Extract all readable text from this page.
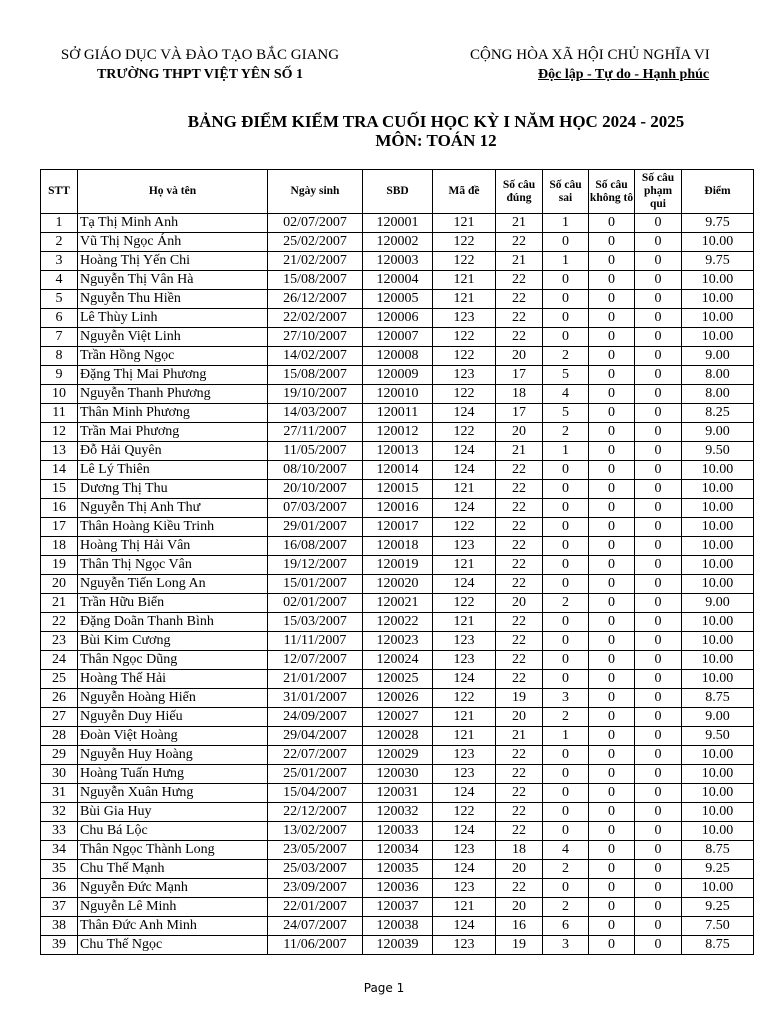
SỞ GIÁO DỤC VÀ ĐÀO TẠO BẮC GIANG
TRƯỜNG THPT VIỆT YÊN SỐ 1
CỘNG HÒA XÃ HỘI CHỦ NGHĨA VI
Độc lập - Tự do - Hạnh phúc
BẢNG ĐIỂM KIỂM TRA CUỐI HỌC KỲ I NĂM HỌC 2024 - 2025
MÔN: TOÁN 12
STT	Họ và tên	Ngày sinh	SBD	Mã đề	Số câu đúng	Số câu sai	Số câu không tô	Số câu phạm qui	Điểm
1	Tạ Thị Minh Anh	02/07/2007	120001	121	21	1	0	0	9.75
2	Vũ Thị Ngọc Ánh	25/02/2007	120002	122	22	0	0	0	10.00
3	Hoàng Thị Yến Chi	21/02/2007	120003	122	21	1	0	0	9.75
4	Nguyễn Thị Vân Hà	15/08/2007	120004	121	22	0	0	0	10.00
5	Nguyễn Thu Hiền	26/12/2007	120005	121	22	0	0	0	10.00
6	Lê Thùy Linh	22/02/2007	120006	123	22	0	0	0	10.00
7	Nguyễn Việt Linh	27/10/2007	120007	122	22	0	0	0	10.00
8	Trần Hồng Ngọc	14/02/2007	120008	122	20	2	0	0	9.00
9	Đặng Thị Mai Phương	15/08/2007	120009	123	17	5	0	0	8.00
10	Nguyễn Thanh Phương	19/10/2007	120010	122	18	4	0	0	8.00
11	Thân Minh Phương	14/03/2007	120011	124	17	5	0	0	8.25
12	Trần Mai Phương	27/11/2007	120012	122	20	2	0	0	9.00
13	Đỗ Hải Quyên	11/05/2007	120013	124	21	1	0	0	9.50
14	Lê Lý Thiên	08/10/2007	120014	124	22	0	0	0	10.00
15	Dương Thị Thu	20/10/2007	120015	121	22	0	0	0	10.00
16	Nguyễn Thị Anh Thư	07/03/2007	120016	124	22	0	0	0	10.00
17	Thân Hoàng Kiều Trinh	29/01/2007	120017	122	22	0	0	0	10.00
18	Hoàng Thị Hải Vân	16/08/2007	120018	123	22	0	0	0	10.00
19	Thân Thị Ngọc Vân	19/12/2007	120019	121	22	0	0	0	10.00
20	Nguyễn Tiến Long An	15/01/2007	120020	124	22	0	0	0	10.00
21	Trần Hữu Biển	02/01/2007	120021	122	20	2	0	0	9.00
22	Đặng Doãn Thanh Bình	15/03/2007	120022	121	22	0	0	0	10.00
23	Bùi Kim Cương	11/11/2007	120023	123	22	0	0	0	10.00
24	Thân Ngọc Dũng	12/07/2007	120024	123	22	0	0	0	10.00
25	Hoàng Thế Hải	21/01/2007	120025	124	22	0	0	0	10.00
26	Nguyễn Hoàng Hiển	31/01/2007	120026	122	19	3	0	0	8.75
27	Nguyễn Duy Hiếu	24/09/2007	120027	121	20	2	0	0	9.00
28	Đoàn Việt Hoàng	29/04/2007	120028	121	21	1	0	0	9.50
29	Nguyễn Huy Hoàng	22/07/2007	120029	123	22	0	0	0	10.00
30	Hoàng Tuấn Hưng	25/01/2007	120030	123	22	0	0	0	10.00
31	Nguyễn Xuân Hưng	15/04/2007	120031	124	22	0	0	0	10.00
32	Bùi Gia Huy	22/12/2007	120032	122	22	0	0	0	10.00
33	Chu Bá Lộc	13/02/2007	120033	124	22	0	0	0	10.00
34	Thân Ngọc Thành Long	23/05/2007	120034	123	18	4	0	0	8.75
35	Chu Thế Mạnh	25/03/2007	120035	124	20	2	0	0	9.25
36	Nguyễn Đức Mạnh	23/09/2007	120036	123	22	0	0	0	10.00
37	Nguyễn Lê Minh	22/01/2007	120037	121	20	2	0	0	9.25
38	Thân Đức Anh Minh	24/07/2007	120038	124	16	6	0	0	7.50
39	Chu Thế Ngọc	11/06/2007	120039	123	19	3	0	0	8.75
Page 1
